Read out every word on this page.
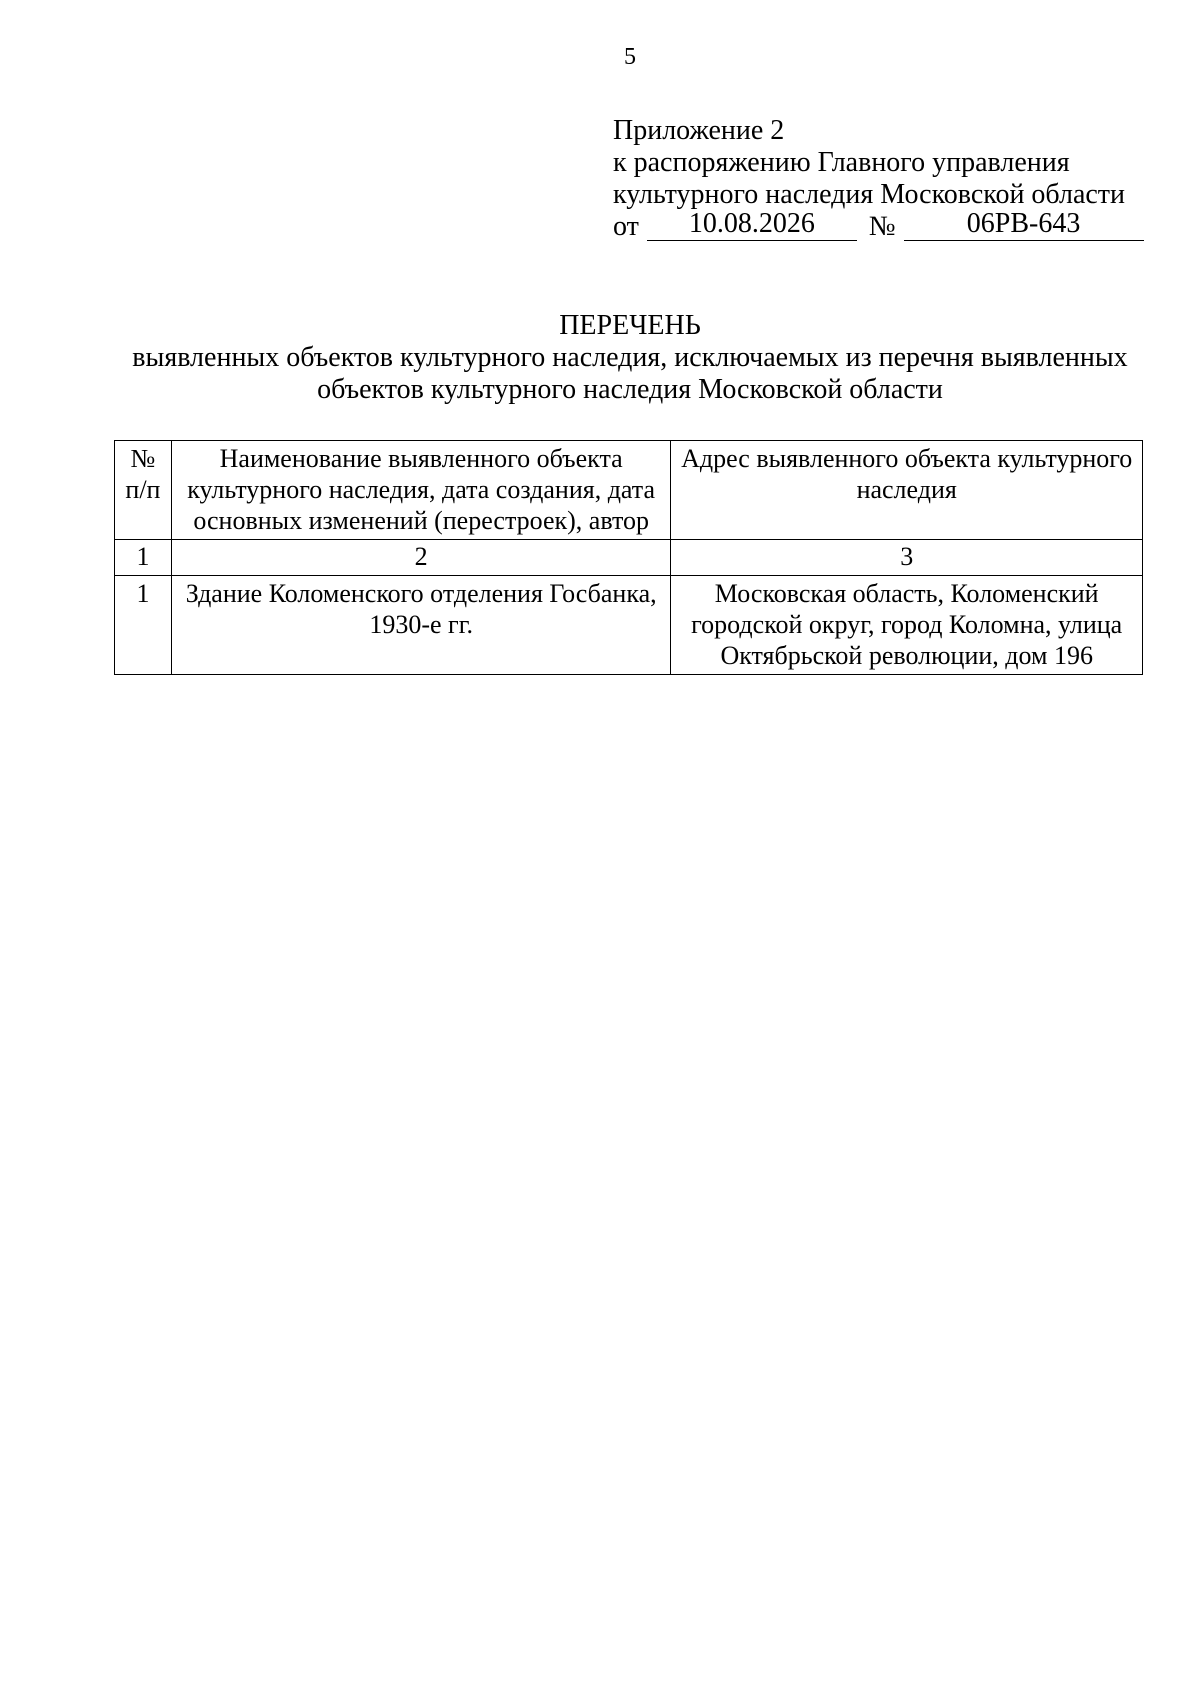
5
Приложение 2
к распоряжению Главного управления
культурного наследия Московской области
от	10.08.2026	№	06РВ-643
ПЕРЕЧЕНЬ
выявленных объектов культурного наследия, исключаемых из перечня выявленных объектов культурного наследия Московской области
№ п/п	Наименование выявленного объекта культурного наследия, дата создания, дата основных изменений (перестроек), автор	Адрес выявленного объекта культурного наследия
1	2	3
1	Здание Коломенского отделения Госбанка, 1930-е гг.	Московская область, Коломенский городской округ, город Коломна, улица Октябрьской революции, дом 196
